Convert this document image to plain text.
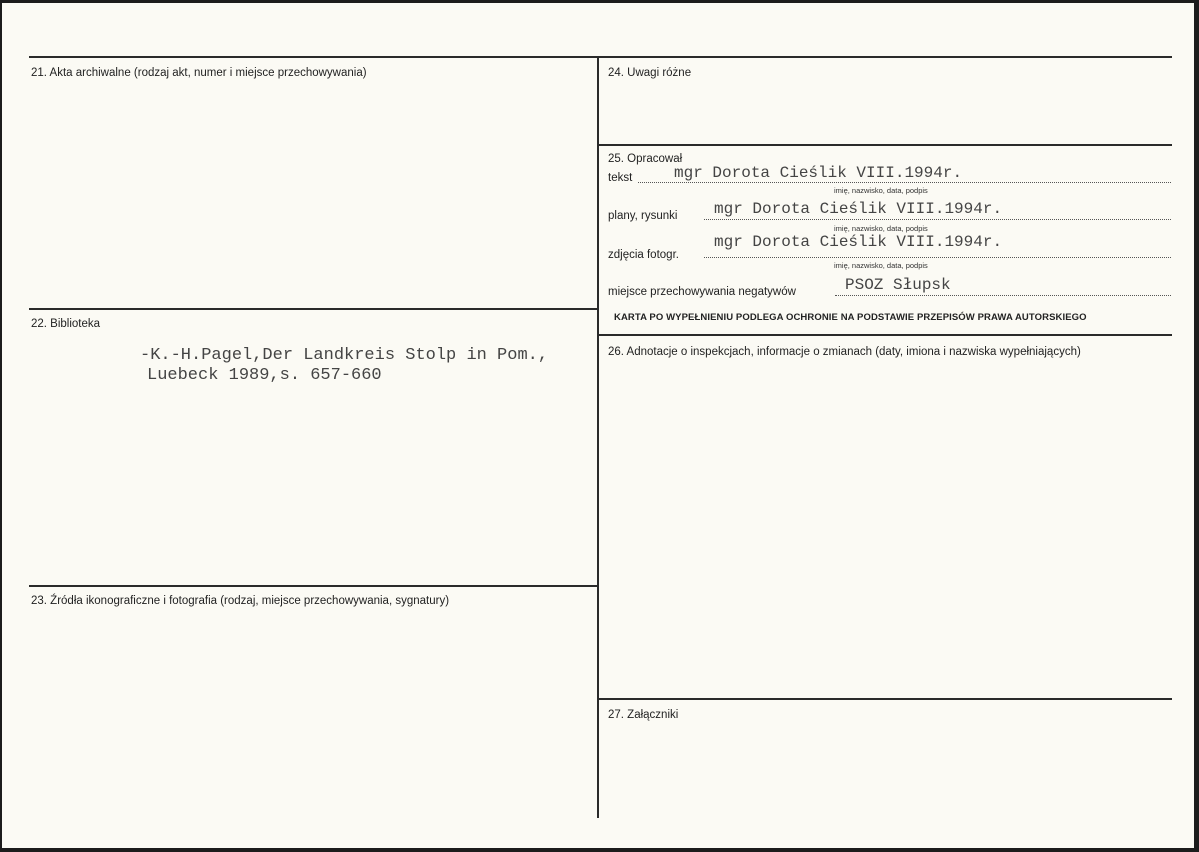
21. Akta archiwalne (rodzaj akt, numer i miejsce przechowywania)
22. Biblioteka
-K.-H.Pagel,Der Landkreis Stolp in Pom.,
Luebeck 1989,s. 657-660
23. Źródła ikonograficzne i fotografia (rodzaj, miejsce przechowywania, sygnatury)
24. Uwagi różne
25. Opracował
tekst	mgr Dorota Cieślik VIII.1994r.
imię, nazwisko, data, podpis
plany, rysunki mgr Dorota Cieślik VIII.1994r.
imię, nazwisko, data, podpis
zdjęcia fotogr.
mgr Dorota Cieślik VIII.1994r.
imię, nazwisko, data, podpis
miejsce przechowywania negatywów	PSOZ Słupsk
KARTA PO WYPEŁNIENIU PODLEGA OCHRONIE NA PODSTAWIE PRZEPISÓW PRAWA AUTORSKIEGO
26. Adnotacje o inspekcjach, informacje o zmianach (daty, imiona i nazwiska wypełniających)
27. Załączniki
